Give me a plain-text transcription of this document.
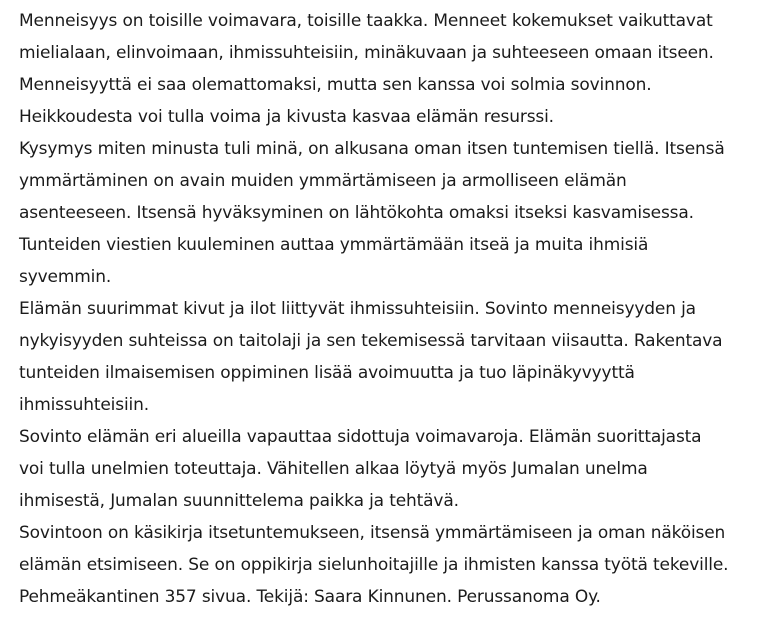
Menneisyys on toisille voimavara, toisille taakka. Menneet kokemukset vaikuttavat
mielialaan, elinvoimaan, ihmissuhteisiin, minäkuvaan ja suhteeseen omaan itseen.
Menneisyyttä ei saa olemattomaksi, mutta sen kanssa voi solmia sovinnon.
Heikkoudesta voi tulla voima ja kivusta kasvaa elämän resurssi.
Kysymys miten minusta tuli minä, on alkusana oman itsen tuntemisen tiellä. Itsensä
ymmärtäminen on avain muiden ymmärtämiseen ja armolliseen elämän
asenteeseen. Itsensä hyväksyminen on lähtökohta omaksi itseksi kasvamisessa.
Tunteiden viestien kuuleminen auttaa ymmärtämään itseä ja muita ihmisiä
syvemmin.
Elämän suurimmat kivut ja ilot liittyvät ihmissuhteisiin. Sovinto menneisyyden ja
nykyisyyden suhteissa on taitolaji ja sen tekemisessä tarvitaan viisautta. Rakentava
tunteiden ilmaisemisen oppiminen lisää avoimuutta ja tuo läpinäkyvyyttä
ihmissuhteisiin.
Sovinto elämän eri alueilla vapauttaa sidottuja voimavaroja. Elämän suorittajasta
voi tulla unelmien toteuttaja. Vähitellen alkaa löytyä myös Jumalan unelma
ihmisestä, Jumalan suunnittelema paikka ja tehtävä.
Sovintoon on käsikirja itsetuntemukseen, itsensä ymmärtämiseen ja oman näköisen
elämän etsimiseen. Se on oppikirja sielunhoitajille ja ihmisten kanssa työtä tekeville.
Pehmeäkantinen 357 sivua. Tekijä: Saara Kinnunen. Perussanoma Oy.
